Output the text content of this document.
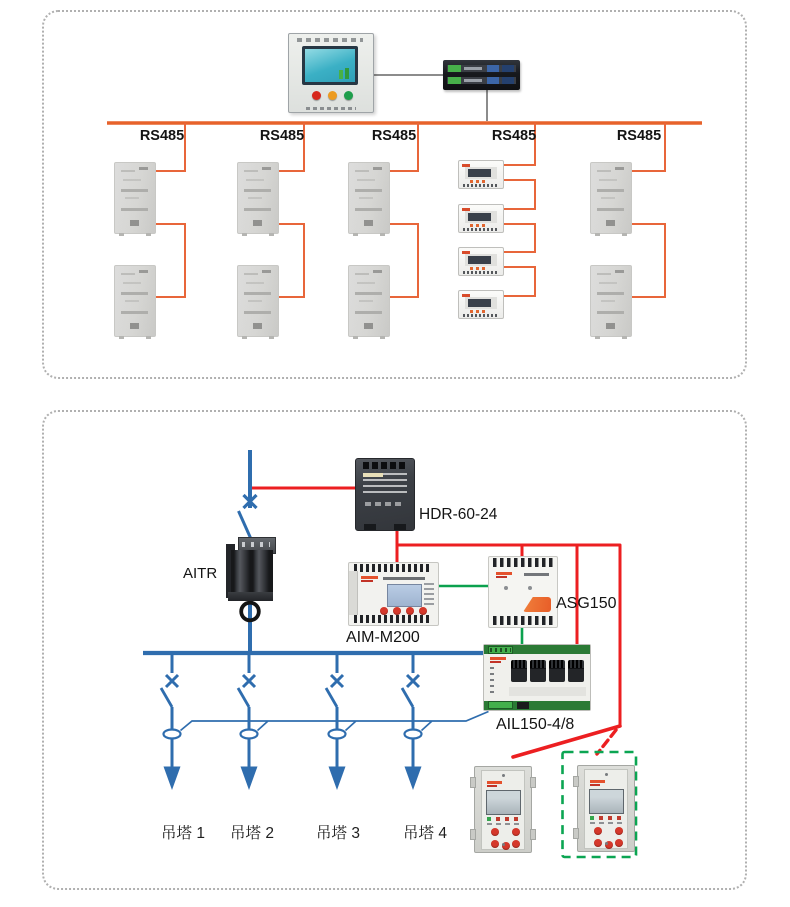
RS485	RS485	RS485	RS485	RS485
HDR-60-24
AITR
AIM-M200
ASG150
AIL150-4/8
吊塔 1	吊塔 2	吊塔 3	吊塔 4
